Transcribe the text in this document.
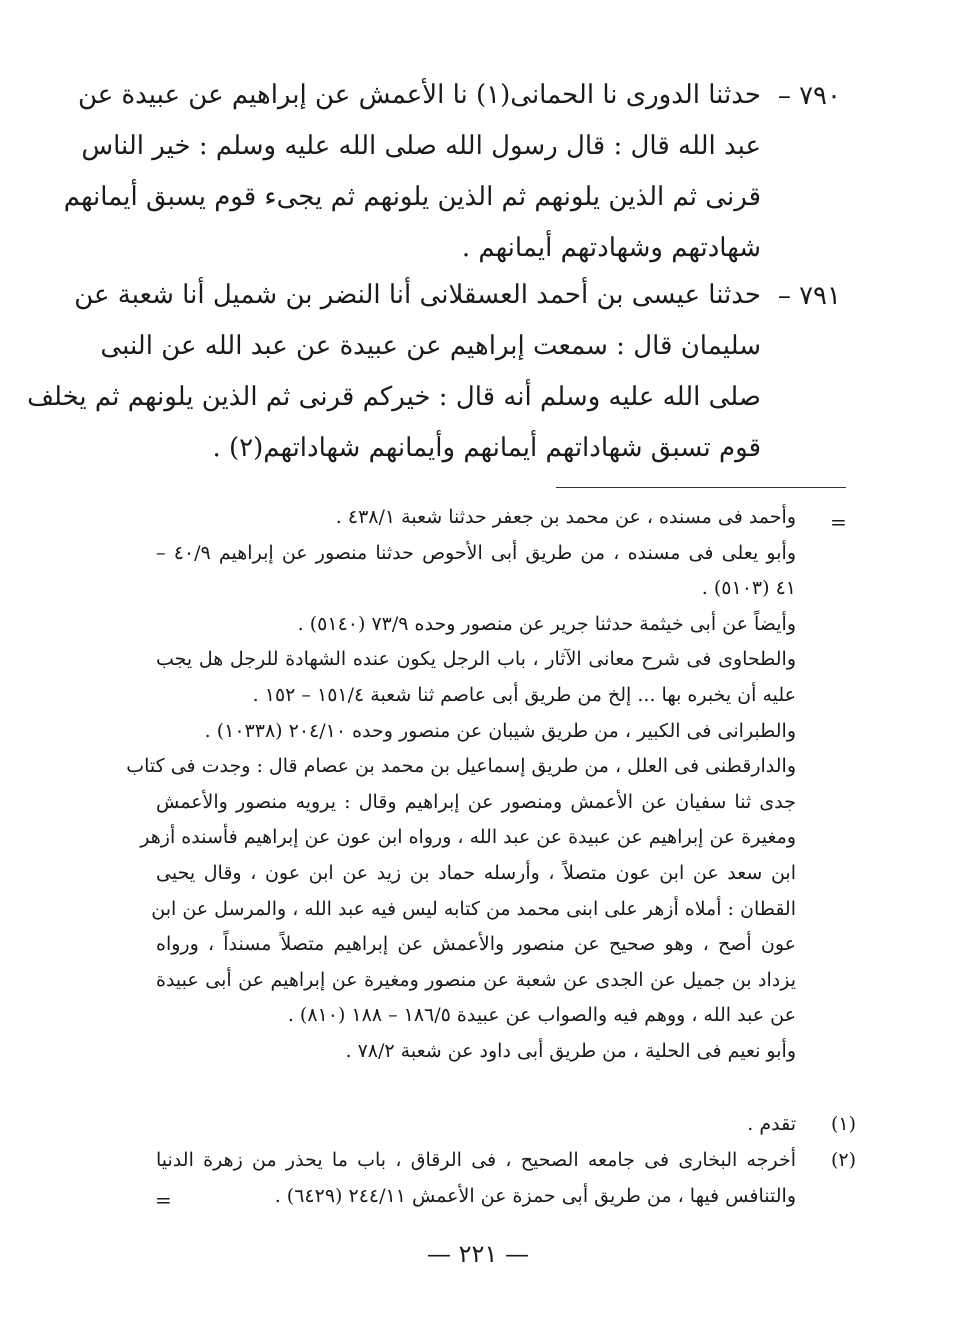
٧٩٠ –
حدثنا الدورى نا الحمانى(١) نا الأعمش عن إبراهيم عن عبيدة عن
عبد الله قال : قال رسول الله صلى الله عليه وسلم : خير الناس
قرنى ثم الذين يلونهم ثم الذين يلونهم ثم يجىء قوم يسبق أيمانهم
شهادتهم وشهادتهم أيمانهم .
٧٩١ –
حدثنا عيسى بن أحمد العسقلانى أنا النضر بن شميل أنا شعبة عن
سليمان قال : سمعت إبراهيم عن عبيدة عن عبد الله عن النبى
صلى الله عليه وسلم أنه قال : خيركم قرنى ثم الذين يلونهم ثم يخلف
قوم تسبق شهاداتهم أيمانهم وأيمانهم شهاداتهم(٢) .
=
وأحمد فى مسنده ، عن محمد بن جعفر حدثنا شعبة ٤٣٨/١ .
وأبو يعلى فى مسنده ، من طريق أبى الأحوص حدثنا منصور عن إبراهيم ٤٠/٩ –
٤١ (٥١٠٣) .
وأيضاً عن أبى خيثمة حدثنا جرير عن منصور وحده ٧٣/٩ (٥١٤٠) .
والطحاوى فى شرح معانى الآثار ، باب الرجل يكون عنده الشهادة للرجل هل يجب
عليه أن يخبره بها ... إلخ من طريق أبى عاصم ثنا شعبة ١٥١/٤ – ١٥٢ .
والطبرانى فى الكبير ، من طريق شيبان عن منصور وحده ٢٠٤/١٠ (١٠٣٣٨) .
والدارقطنى فى العلل ، من طريق إسماعيل بن محمد بن عصام قال : وجدت فى كتاب
جدى ثنا سفيان عن الأعمش ومنصور عن إبراهيم وقال : يرويه منصور والأعمش
ومغيرة عن إبراهيم عن عبيدة عن عبد الله ، ورواه ابن عون عن إبراهيم فأسنده أزهر
ابن سعد عن ابن عون متصلاً ، وأرسله حماد بن زيد عن ابن عون ، وقال يحيى
القطان : أملاه أزهر على ابنى محمد من كتابه ليس فيه عبد الله ، والمرسل عن ابن
عون أصح ، وهو صحيح عن منصور والأعمش عن إبراهيم متصلاً مسنداً ، ورواه
يزداد بن جميل عن الجدى عن شعبة عن منصور ومغيرة عن إبراهيم عن أبى عبيدة
عن عبد الله ، ووهم فيه والصواب عن عبيدة ١٨٦/٥ – ١٨٨ (٨١٠) .
وأبو نعيم فى الحلية ، من طريق أبى داود عن شعبة ٧٨/٢ .
(١)
تقدم .
(٢)
أخرجه البخارى فى جامعه الصحيح ، فى الرقاق ، باب ما يحذر من زهرة الدنيا
والتنافس فيها ، من طريق أبى حمزة عن الأعمش ٢٤٤/١١ (٦٤٢٩) .
=
— ٢٢١ —
